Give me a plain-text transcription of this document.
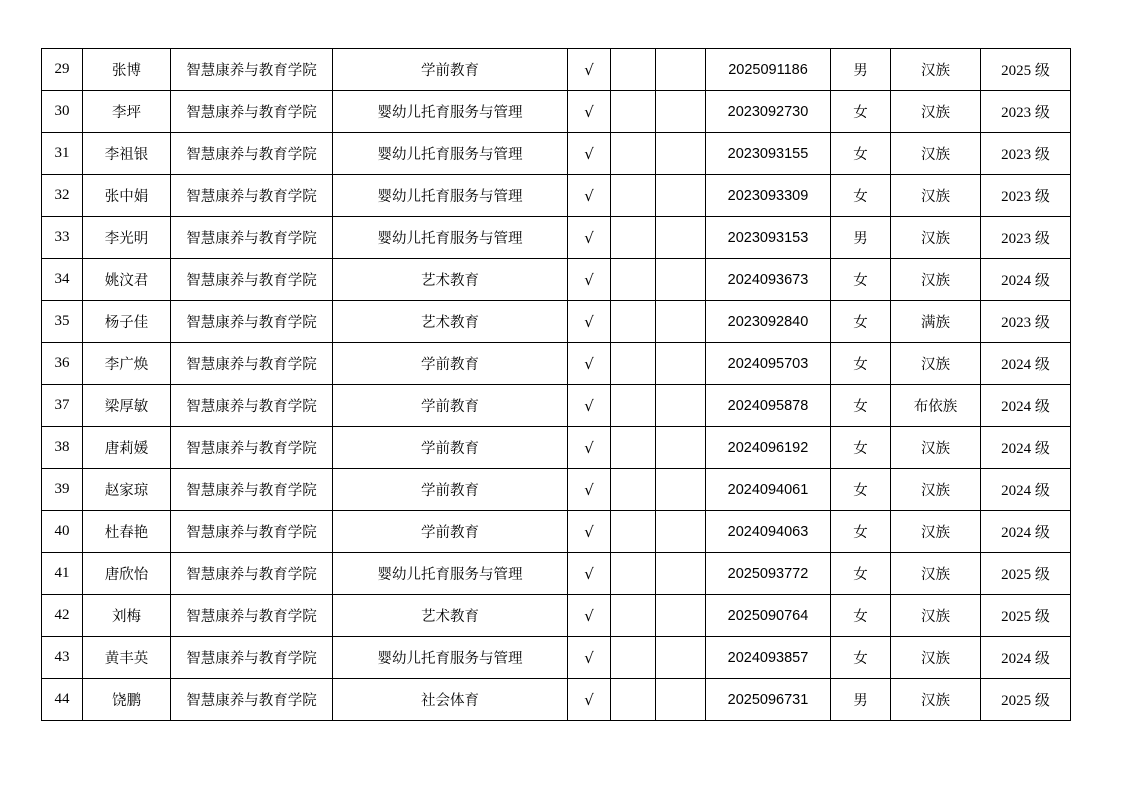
29	张博	智慧康养与教育学院	学前教育	√			2025091186	男	汉族	2025 级
30	李坪	智慧康养与教育学院	婴幼儿托育服务与管理	√			2023092730	女	汉族	2023 级
31	李祖银	智慧康养与教育学院	婴幼儿托育服务与管理	√			2023093155	女	汉族	2023 级
32	张中娟	智慧康养与教育学院	婴幼儿托育服务与管理	√			2023093309	女	汉族	2023 级
33	李光明	智慧康养与教育学院	婴幼儿托育服务与管理	√			2023093153	男	汉族	2023 级
34	姚汶君	智慧康养与教育学院	艺术教育	√			2024093673	女	汉族	2024 级
35	杨子佳	智慧康养与教育学院	艺术教育	√			2023092840	女	满族	2023 级
36	李广焕	智慧康养与教育学院	学前教育	√			2024095703	女	汉族	2024 级
37	梁厚敏	智慧康养与教育学院	学前教育	√			2024095878	女	布依族	2024 级
38	唐莉媛	智慧康养与教育学院	学前教育	√			2024096192	女	汉族	2024 级
39	赵家琼	智慧康养与教育学院	学前教育	√			2024094061	女	汉族	2024 级
40	杜春艳	智慧康养与教育学院	学前教育	√			2024094063	女	汉族	2024 级
41	唐欣怡	智慧康养与教育学院	婴幼儿托育服务与管理	√			2025093772	女	汉族	2025 级
42	刘梅	智慧康养与教育学院	艺术教育	√			2025090764	女	汉族	2025 级
43	黄丰英	智慧康养与教育学院	婴幼儿托育服务与管理	√			2024093857	女	汉族	2024 级
44	饶鹏	智慧康养与教育学院	社会体育	√			2025096731	男	汉族	2025 级
